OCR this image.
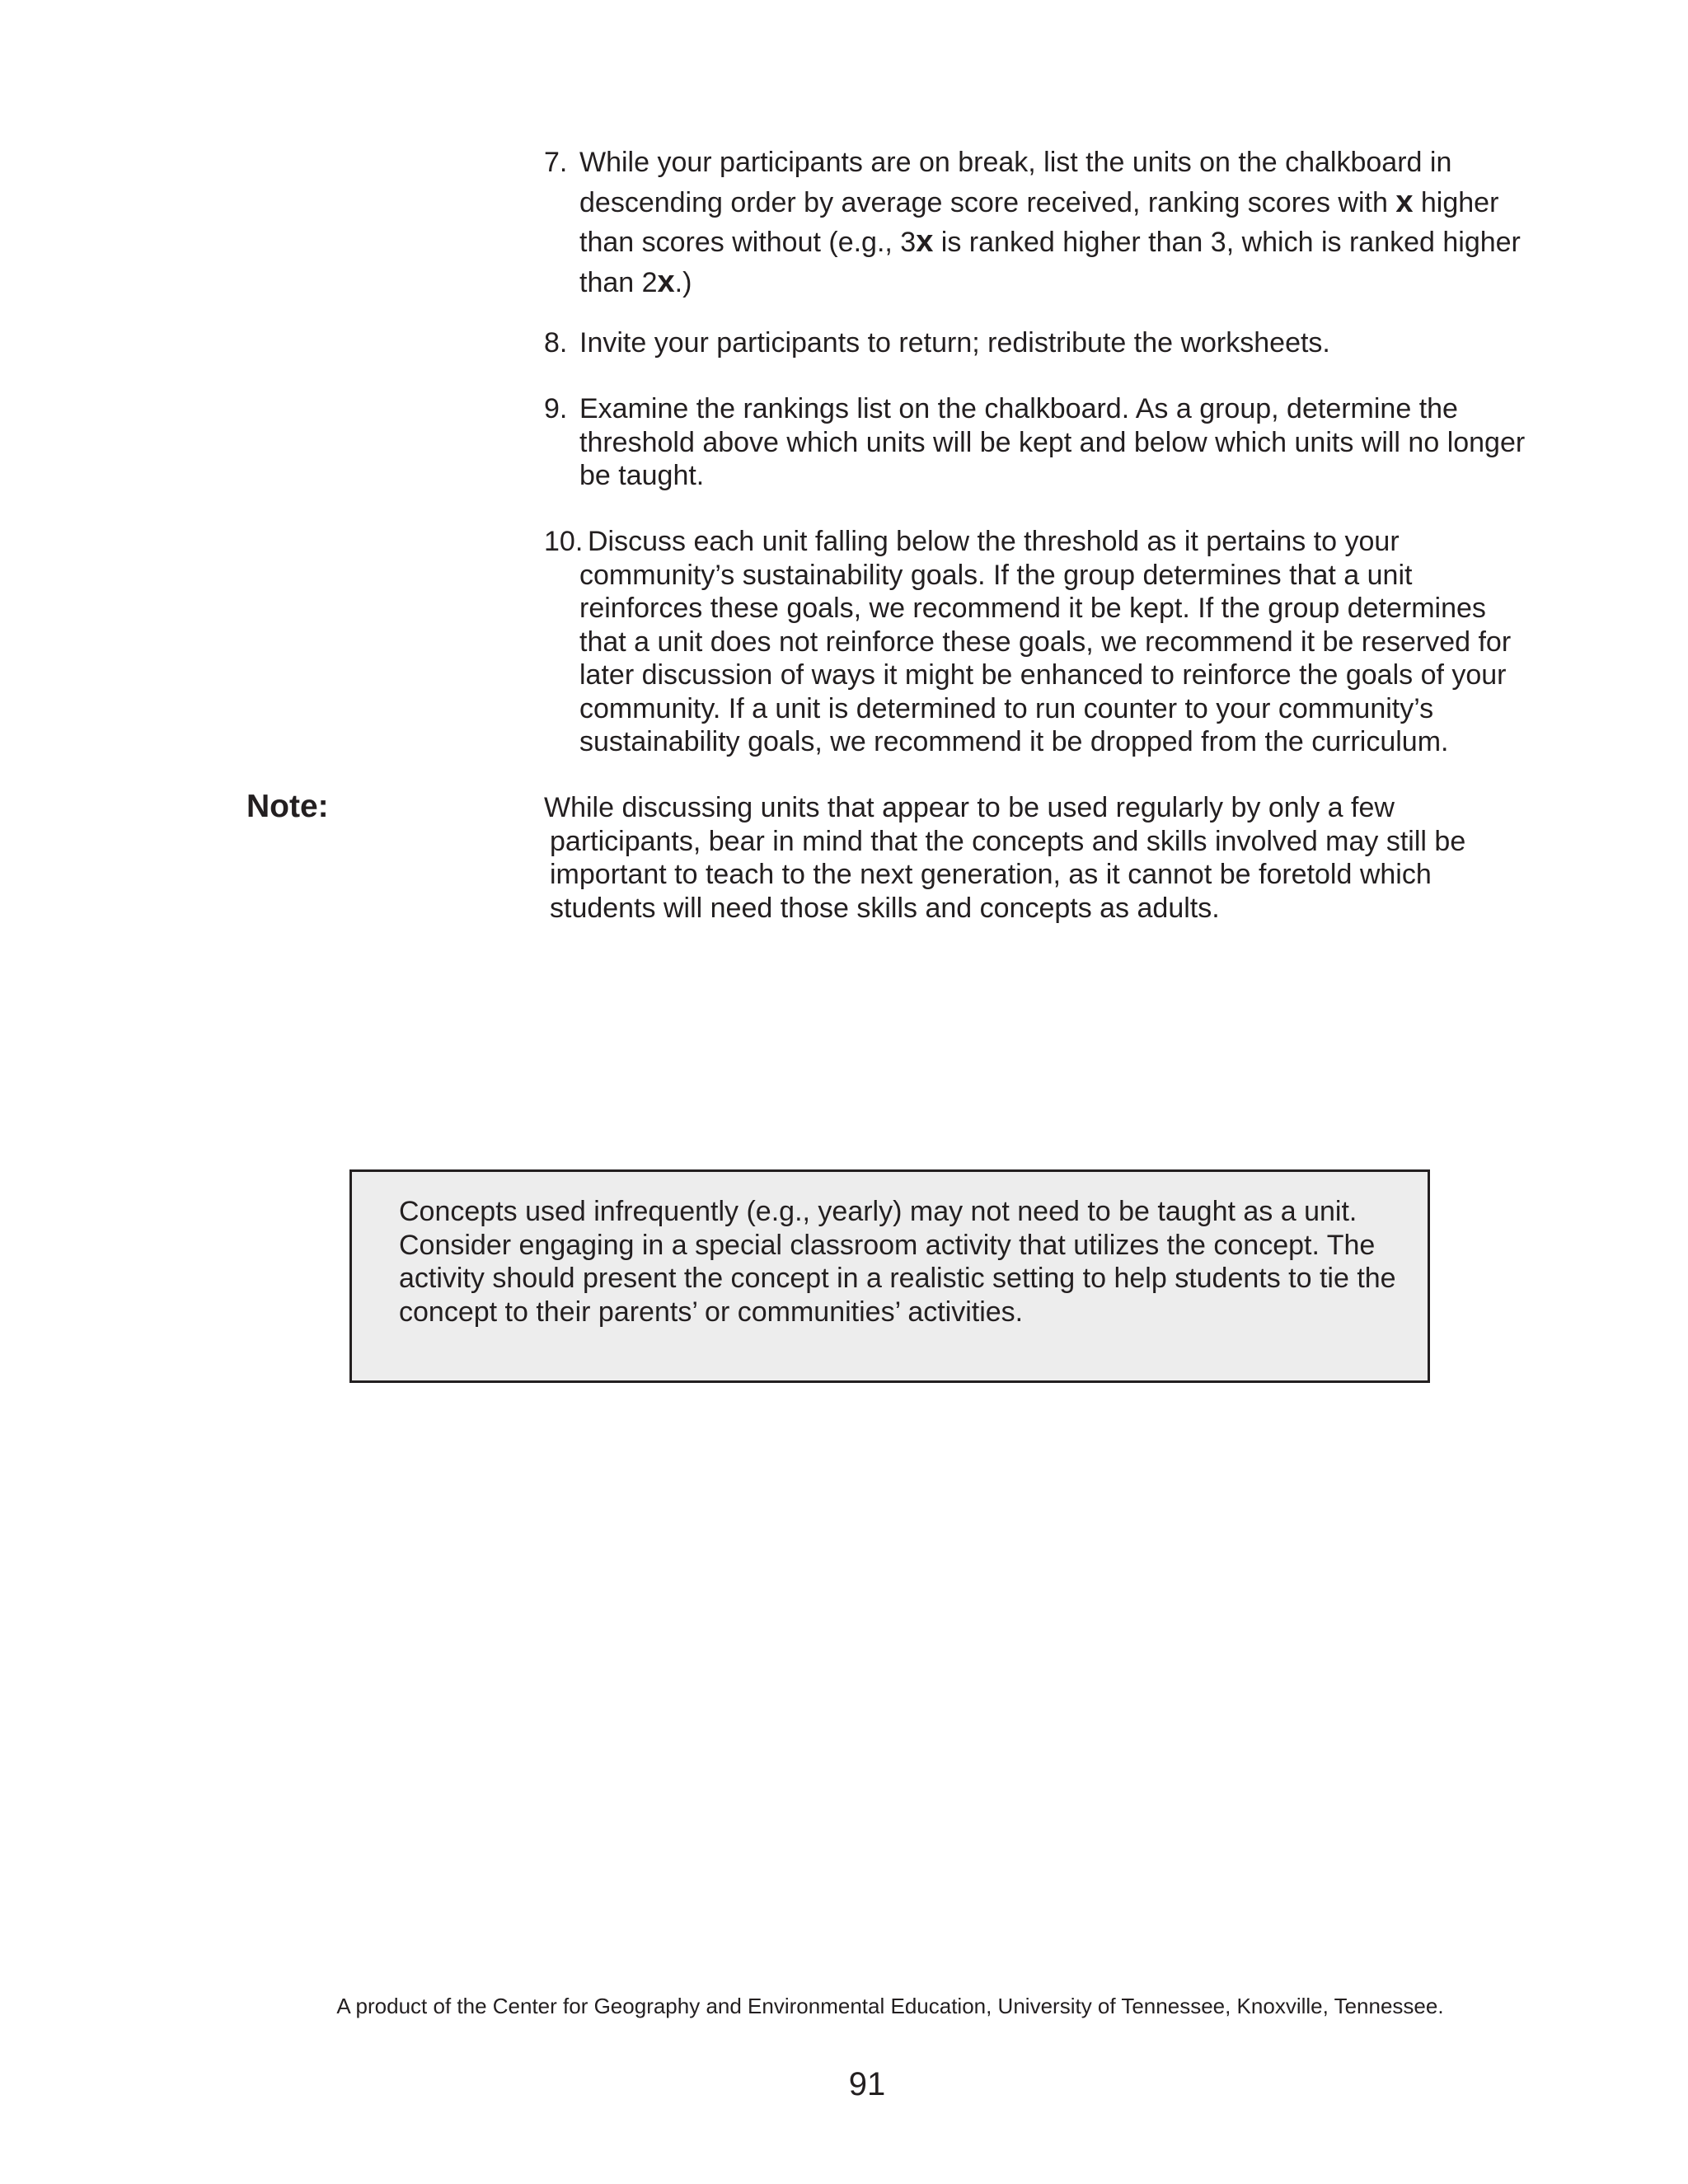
7. While your participants are on break, list the units on the chalkboard in
descending order by average score received, ranking scores with x higher
than scores without (e.g., 3x is ranked higher than 3, which is ranked higher
than 2x.)
8. Invite your participants to return; redistribute the worksheets.
9. Examine the rankings list on the chalkboard. As a group, determine the
threshold above which units will be kept and below which units will no longer
be taught.
10. Discuss each unit falling below the threshold as it pertains to your
community’s sustainability goals. If the group determines that a unit
reinforces these goals, we recommend it be kept. If the group determines
that a unit does not reinforce these goals, we recommend it be reserved for
later discussion of ways it might be enhanced to reinforce the goals of your
community. If a unit is determined to run counter to your community’s
sustainability goals, we recommend it be dropped from the curriculum.
Note:	While discussing units that appear to be used regularly by only a few
participants, bear in mind that the concepts and skills involved may still be
important to teach to the next generation, as it cannot be foretold which
students will need those skills and concepts as adults.
Concepts used infrequently (e.g., yearly) may not need to be taught as a unit.
Consider engaging in a special classroom activity that utilizes the concept. The
activity should present the concept in a realistic setting to help students to tie the
concept to their parents’ or communities’ activities.
A product of the Center for Geography and Environmental Education, University of Tennessee, Knoxville, Tennessee.
91
